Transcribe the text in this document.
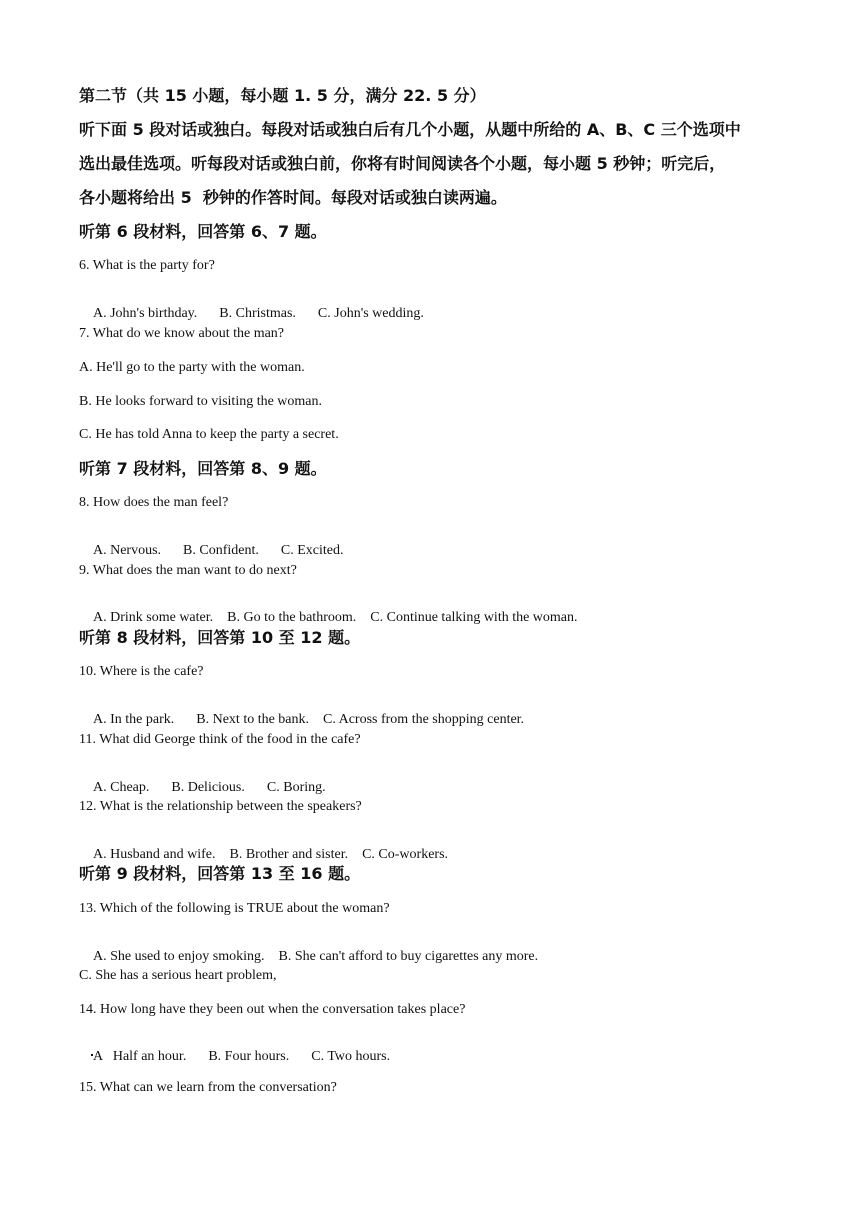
第二节（共 15 小题，每小题 1. 5 分，满分 22. 5 分）
听下面 5 段对话或独白。每段对话或独白后有几个小题，从题中所给的 A、B、C 三个选项中
选出最佳选项。听每段对话或独白前，你将有时间阅读各个小题，每小题 5 秒钟；听完后，
各小题将给出 5  秒钟的作答时间。每段对话或独白读两遍。
听第 6 段材料，回答第 6、7 题。
6. What is the party for?

A. John's birthday. B. Christmas. C. John's wedding.

7. What do we know about the man?
A. He'll go to the party with the woman.
B. He looks forward to visiting the woman.
C. He has told Anna to keep the party a secret.
听第 7 段材料，回答第 8、9 题。
8. How does the man feel?

A. Nervous. B. Confident. C. Excited.

9. What does the man want to do next?

A. Drink some water. B. Go to the bathroom. C. Continue talking with the woman.

听第 8 段材料，回答第 10 至 12 题。
10. Where is the cafe?

A. In the park. B. Next to the bank. C. Across from the shopping center.

11. What did George think of the food in the cafe?

A. Cheap. B. Delicious. C. Boring.

12. What is the relationship between the speakers?

A. Husband and wife. B. Brother and sister. C. Co-workers.

听第 9 段材料，回答第 13 至 16 题。
13. Which of the following is TRUE about the woman?

A. She used to enjoy smoking. B. She can't afford to buy cigarettes any more.

C. She has a serious heart problem,
14. How long have they been out when the conversation takes place?

A   Half an hour. B. Four hours. C. Two hours.

15. What can we learn from the conversation?
